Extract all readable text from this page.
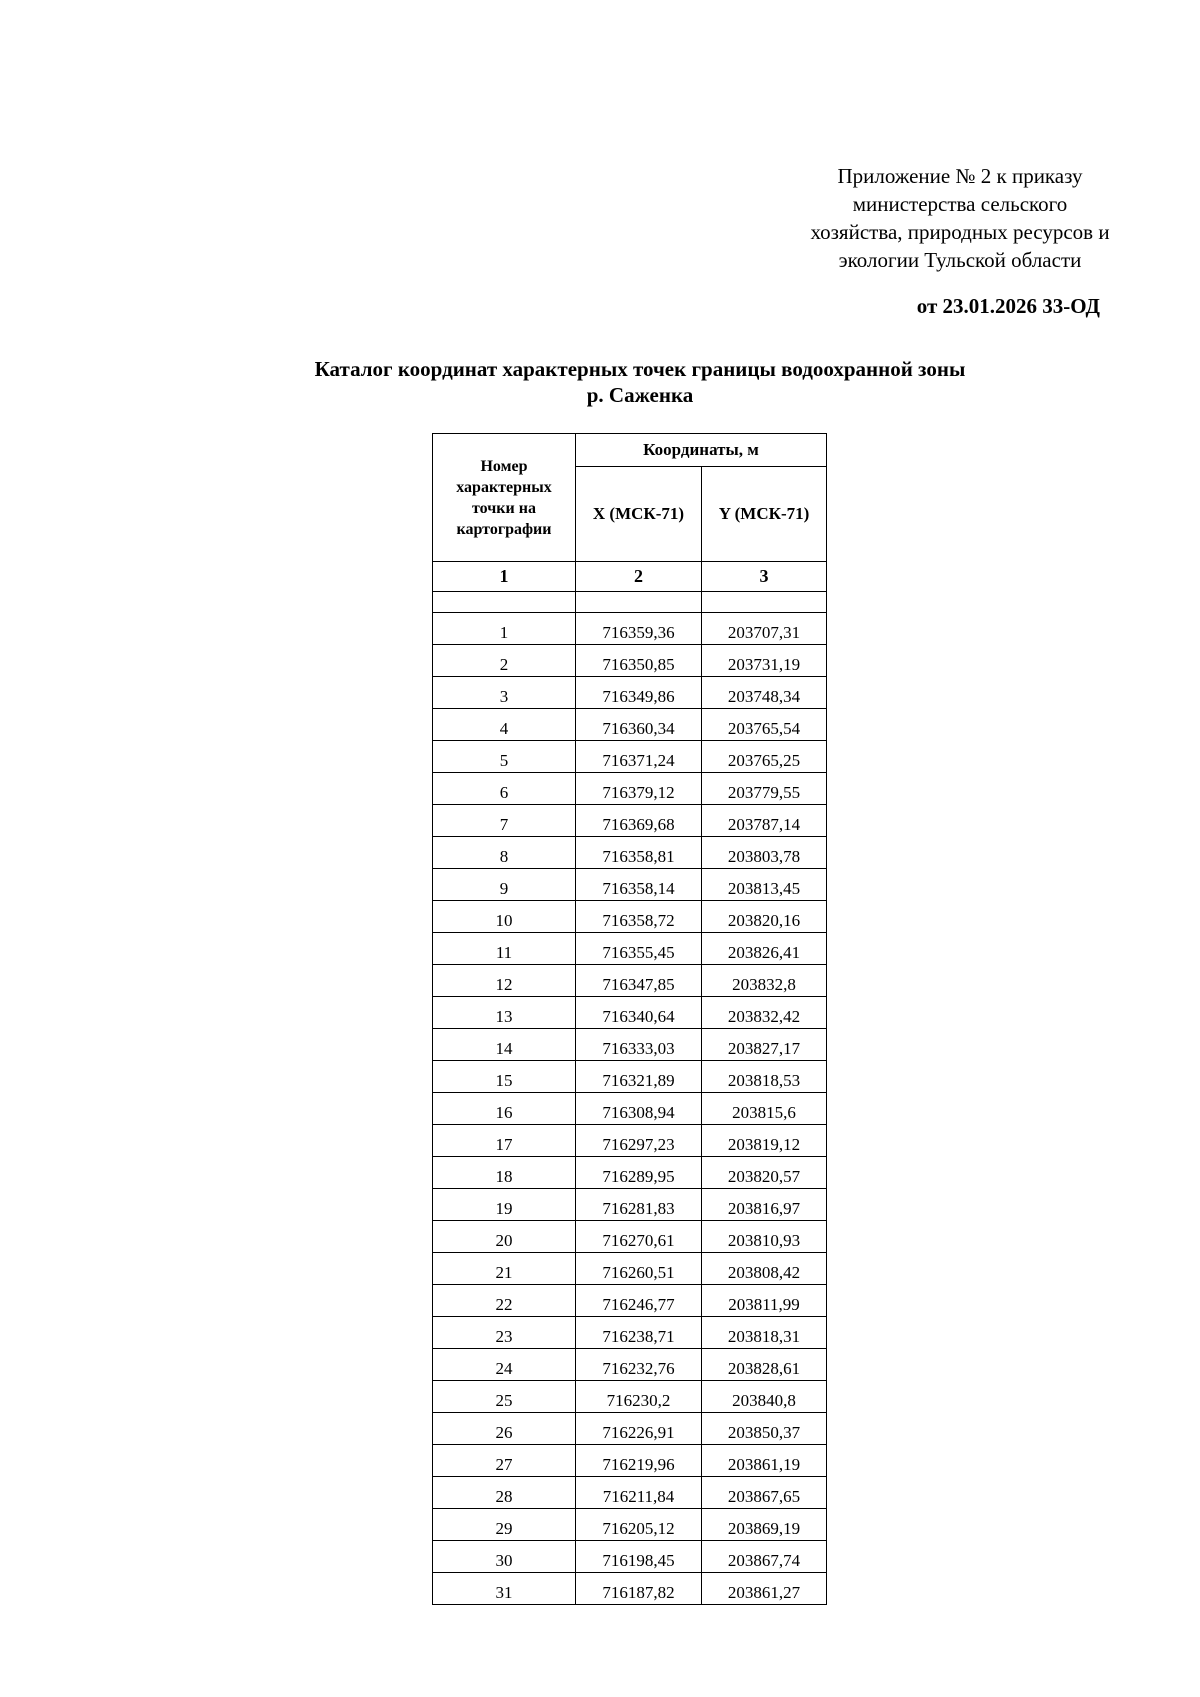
Приложение № 2 к приказу
министерства сельского
хозяйства, природных ресурсов и
экологии Тульской области
от 23.01.2026 33-ОД
Каталог координат характерных точек границы водоохранной зоны
р. Саженка
Номер характерных точки на картографии	Координаты, м	
	X (МСК-71)	Y (МСК-71)
1	2	3

1	716359,36	203707,31
2	716350,85	203731,19
3	716349,86	203748,34
4	716360,34	203765,54
5	716371,24	203765,25
6	716379,12	203779,55
7	716369,68	203787,14
8	716358,81	203803,78
9	716358,14	203813,45
10	716358,72	203820,16
11	716355,45	203826,41
12	716347,85	203832,8
13	716340,64	203832,42
14	716333,03	203827,17
15	716321,89	203818,53
16	716308,94	203815,6
17	716297,23	203819,12
18	716289,95	203820,57
19	716281,83	203816,97
20	716270,61	203810,93
21	716260,51	203808,42
22	716246,77	203811,99
23	716238,71	203818,31
24	716232,76	203828,61
25	716230,2	203840,8
26	716226,91	203850,37
27	716219,96	203861,19
28	716211,84	203867,65
29	716205,12	203869,19
30	716198,45	203867,74
31	716187,82	203861,27
